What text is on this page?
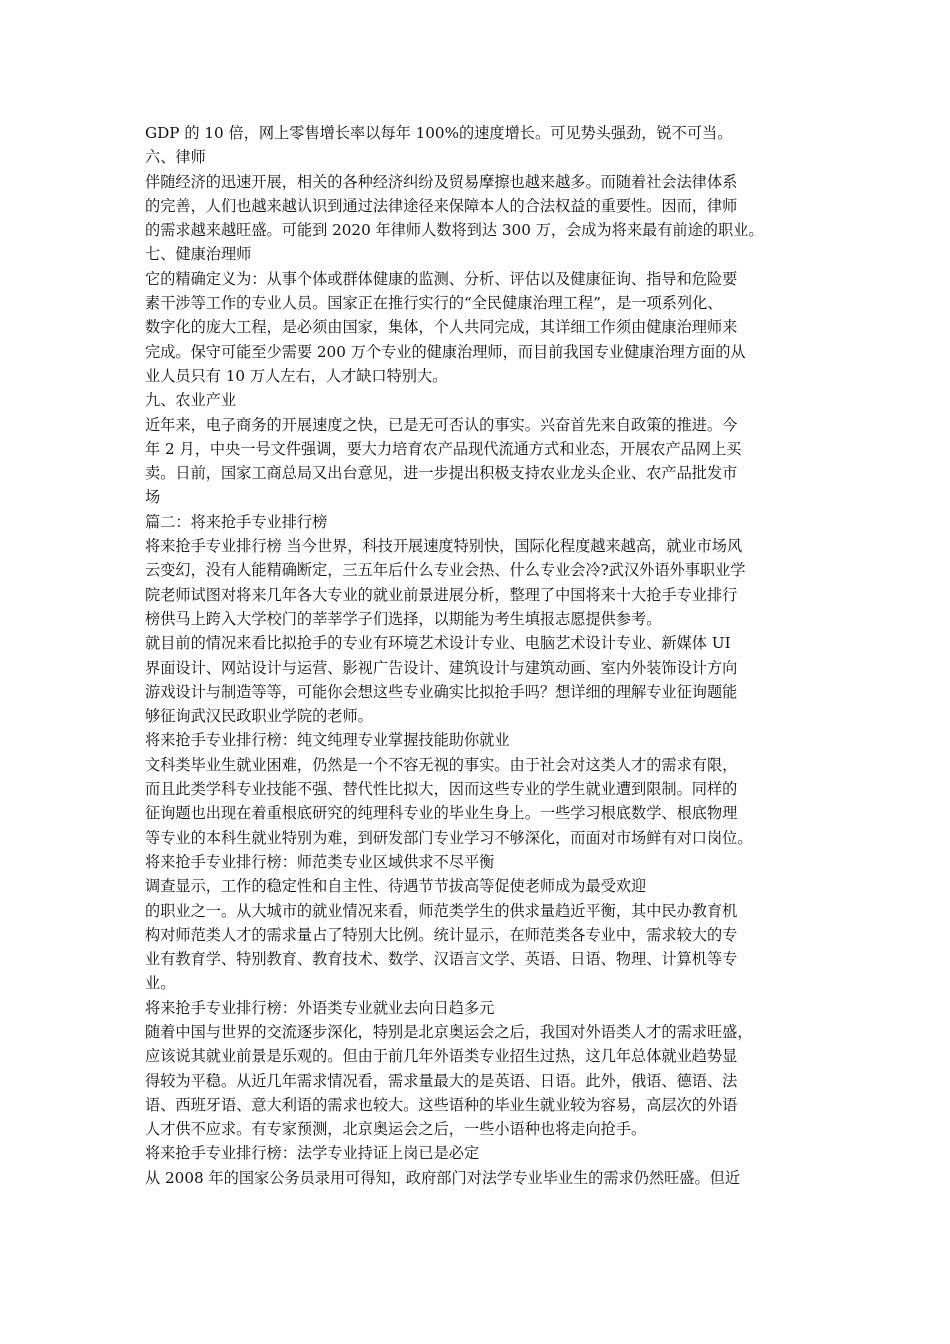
GDP 的 10 倍，网上零售增长率以每年 100%的速度增长。可见势头强劲，锐不可当。
六、律师
伴随经济的迅速开展，相关的各种经济纠纷及贸易摩擦也越来越多。而随着社会法律体系
的完善，人们也越来越认识到通过法律途径来保障本人的合法权益的重要性。因而，律师
的需求越来越旺盛。可能到 2020 年律师人数将到达 300 万，会成为将来最有前途的职业。
七、健康治理师
它的精确定义为：从事个体或群体健康的监测、分析、评估以及健康征询、指导和危险要
素干涉等工作的专业人员。国家正在推行实行的“全民健康治理工程”，是一项系列化、
数字化的庞大工程，是必须由国家，集体，个人共同完成，其详细工作须由健康治理师来
完成。保守可能至少需要 200 万个专业的健康治理师，而目前我国专业健康治理方面的从
业人员只有 10 万人左右，人才缺口特别大。
九、农业产业
近年来，电子商务的开展速度之快，已是无可否认的事实。兴奋首先来自政策的推进。今
年 2 月，中央一号文件强调，要大力培育农产品现代流通方式和业态，开展农产品网上买
卖。日前，国家工商总局又出台意见，进一步提出积极支持农业龙头企业、农产品批发市
场
篇二：将来抢手专业排行榜
将来抢手专业排行榜 当今世界，科技开展速度特别快，国际化程度越来越高，就业市场风
云变幻，没有人能精确断定，三五年后什么专业会热、什么专业会冷?武汉外语外事职业学
院老师试图对将来几年各大专业的就业前景进展分析，整理了中国将来十大抢手专业排行
榜供马上跨入大学校门的莘莘学子们选择，以期能为考生填报志愿提供参考。
就目前的情况来看比拟抢手的专业有环境艺术设计专业、电脑艺术设计专业、新媒体 UI
界面设计、网站设计与运营、影视广告设计、建筑设计与建筑动画、室内外装饰设计方向
游戏设计与制造等等，可能你会想这些专业确实比拟抢手吗？想详细的理解专业征询题能
够征询武汉民政职业学院的老师。
将来抢手专业排行榜：纯文纯理专业掌握技能助你就业
文科类毕业生就业困难，仍然是一个不容无视的事实。由于社会对这类人才的需求有限，
而且此类学科专业技能不强、替代性比拟大，因而这些专业的学生就业遭到限制。同样的
征询题也出现在着重根底研究的纯理科专业的毕业生身上。一些学习根底数学、根底物理
等专业的本科生就业特别为难，到研发部门专业学习不够深化，而面对市场鲜有对口岗位。
将来抢手专业排行榜：师范类专业区域供求不尽平衡
调查显示，工作的稳定性和自主性、待遇节节拔高等促使老师成为最受欢迎
的职业之一。从大城市的就业情况来看，师范类学生的供求量趋近平衡，其中民办教育机
构对师范类人才的需求量占了特别大比例。统计显示，在师范类各专业中，需求较大的专
业有教育学、特别教育、教育技术、数学、汉语言文学、英语、日语、物理、计算机等专
业。
将来抢手专业排行榜：外语类专业就业去向日趋多元
随着中国与世界的交流逐步深化，特别是北京奥运会之后，我国对外语类人才的需求旺盛，
应该说其就业前景是乐观的。但由于前几年外语类专业招生过热，这几年总体就业趋势显
得较为平稳。从近几年需求情况看，需求量最大的是英语、日语。此外，俄语、德语、法
语、西班牙语、意大利语的需求也较大。这些语种的毕业生就业较为容易，高层次的外语
人才供不应求。有专家预测，北京奥运会之后，一些小语种也将走向抢手。
将来抢手专业排行榜：法学专业持证上岗已是必定
从 2008 年的国家公务员录用可得知，政府部门对法学专业毕业生的需求仍然旺盛。但近
